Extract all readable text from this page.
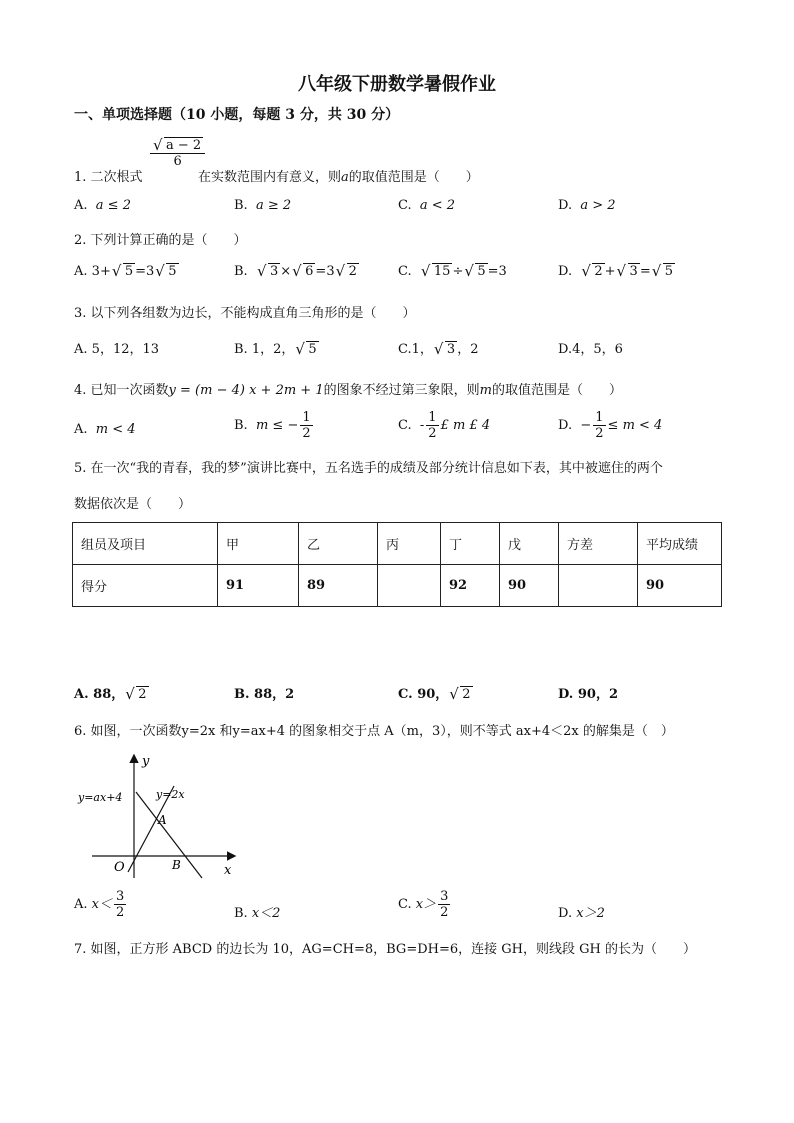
八年级下册数学暑假作业
一、单项选择题（10 小题，每题 3 分，共 30 分）
1. 二次根式
√ a − 2
6
在实数范围内有意义，则a的取值范围是（　　）
A. a ≤ 2	B. a ≥ 2	C. a < 2	D. a > 2
2. 下列计算正确的是（　　）
A. 3+ √ 5 =3 √ 5	B. √ 3 × √ 6 =3 √ 2	C. √ 15 ÷ √ 5 =3	D. √ 2 + √ 3 = √ 5
3. 以下列各组数为边长，不能构成直角三角形的是（　　）
A. 5，12，13	B. 1，2， √ 5	C.1， √ 3 ，2	D.4，5，6
4. 已知一次函数y = (m − 4) x + 2m + 1的图象不经过第三象限，则m的取值范围是（　　）
A. m < 4	B. m ≤ − $\frac{1}{2}$	C. - $\frac{1}{2}$ £ m £ 4	D. − $\frac{1}{2} \le m < 4$
5. 在一次“我的青春，我的梦”演讲比赛中，五名选手的成绩及部分统计信息如下表，其中被遮住的两个
数据依次是（　　）
组员及项目	甲	乙	丙	丁	戊	方差	平均成绩
得分	91	89		92	90		90
A. 88， √ 2	B. 88，2	C. 90， √ 2	D. 90，2
6. 如图，一次函数y=2x 和y=ax+4 的图象相交于点 A（m，3），则不等式 ax+4＜2x 的解集是（　）
y
x
O
y=ax+4	y=2x
A
B
A. $x< \frac{3}{2}$	B. x＜2
C. $x> \frac{3}{2}$	D. x＞2
7. 如图，正方形 ABCD 的边长为 10，AG=CH=8，BG=DH=6，连接 GH，则线段 GH 的长为（　　）
